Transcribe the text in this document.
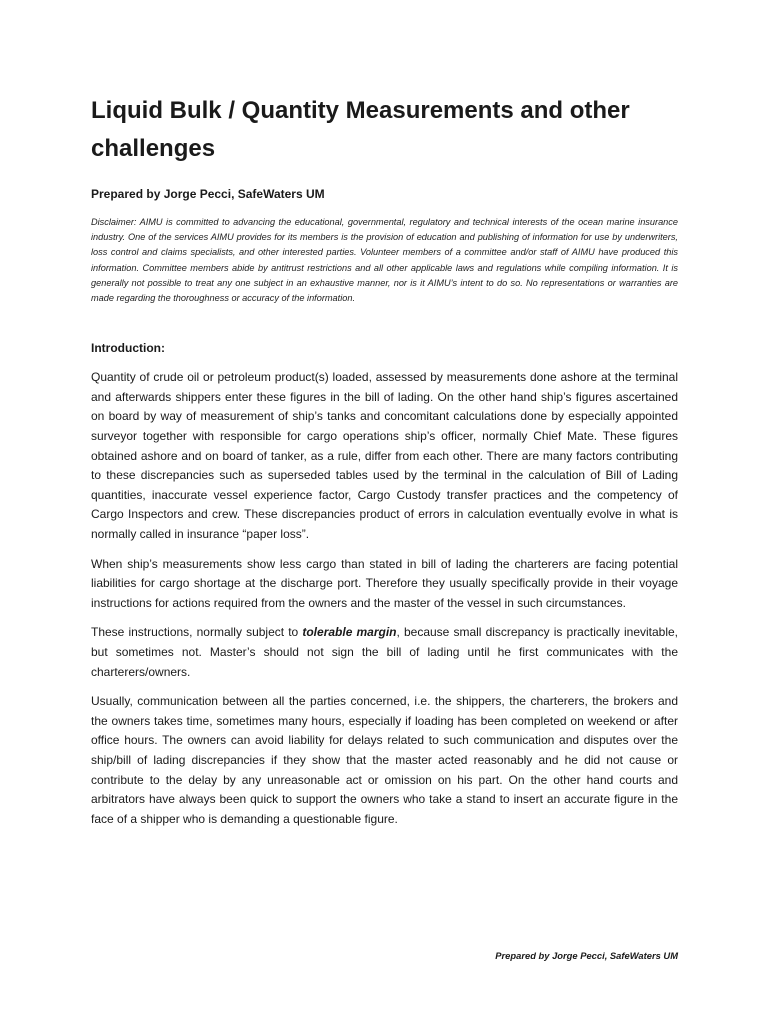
Liquid Bulk / Quantity Measurements and other challenges

Prepared by Jorge Pecci, SafeWaters UM

Disclaimer: AIMU is committed to advancing the educational, governmental, regulatory and technical interests of the ocean marine insurance industry. One of the services AIMU provides for its members is the provision of education and publishing of information for use by underwriters, loss control and claims specialists, and other interested parties. Volunteer members of a committee and/or staff of AIMU have produced this information. Committee members abide by antitrust restrictions and all other applicable laws and regulations while compiling information. It is generally not possible to treat any one subject in an exhaustive manner, nor is it AIMU’s intent to do so. No representations or warranties are made regarding the thoroughness or accuracy of the information.

Introduction:

Quantity of crude oil or petroleum product(s) loaded, assessed by measurements done ashore at the terminal and afterwards shippers enter these figures in the bill of lading. On the other hand ship’s figures ascertained on board by way of measurement of ship’s tanks and concomitant calculations done by especially appointed surveyor together with responsible for cargo operations ship’s officer, normally Chief Mate. These figures obtained ashore and on board of tanker, as a rule, differ from each other. There are many factors contributing to these discrepancies such as superseded tables used by the terminal in the calculation of Bill of Lading quantities, inaccurate vessel experience factor, Cargo Custody transfer practices and the competency of Cargo Inspectors and crew. These discrepancies product of errors in calculation eventually evolve in what is normally called in insurance “paper loss”.

When ship’s measurements show less cargo than stated in bill of lading the charterers are facing potential liabilities for cargo shortage at the discharge port. Therefore they usually specifically provide in their voyage instructions for actions required from the owners and the master of the vessel in such circumstances.

These instructions, normally subject to tolerable margin, because small discrepancy is practically inevitable, but sometimes not. Master’s should not sign the bill of lading until he first communicates with the charterers/owners.

Usually, communication between all the parties concerned, i.e. the shippers, the charterers, the brokers and the owners takes time, sometimes many hours, especially if loading has been completed on weekend or after office hours. The owners can avoid liability for delays related to such communication and disputes over the ship/bill of lading discrepancies if they show that the master acted reasonably and he did not cause or contribute to the delay by any unreasonable act or omission on his part. On the other hand courts and arbitrators have always been quick to support the owners who take a stand to insert an accurate figure in the face of a shipper who is demanding a questionable figure.

Prepared by Jorge Pecci, SafeWaters UM
